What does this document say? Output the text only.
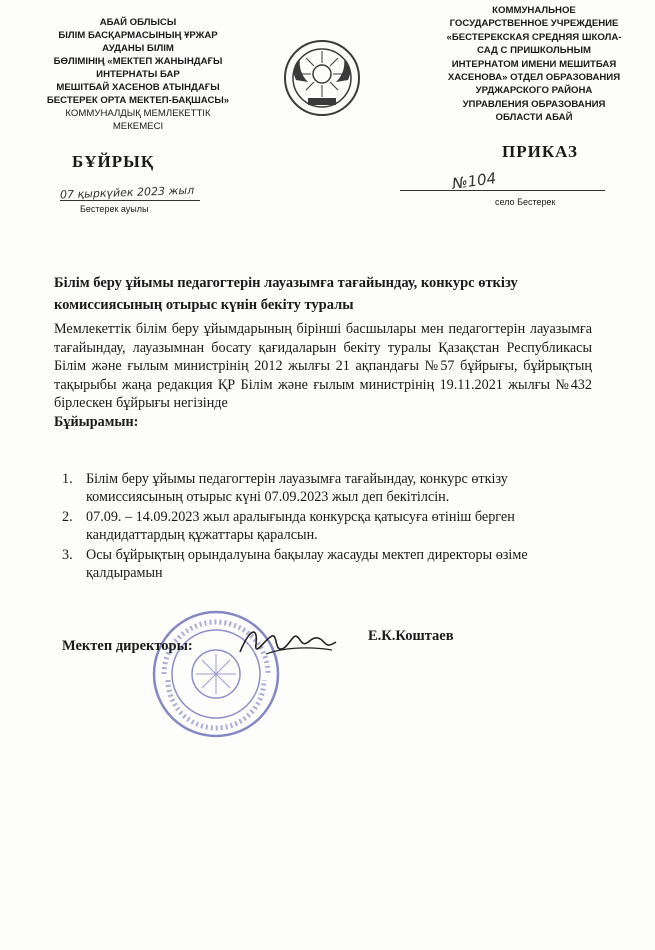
АБАЙ ОБЛЫСЫ
БІЛІМ БАСҚАРМАСЫНЫҢ ҰРЖАР
АУДАНЫ БІЛІМ
БӨЛІМІНІҢ «МЕКТЕП ЖАНЫНДАҒЫ
ИНТЕРНАТЫ БАР
МЕШІТБАЙ ХАСЕНОВ АТЫНДАҒЫ
БЕСТЕРЕК ОРТА МЕКТЕП-БАҚШАСЫ»
КОММУНАЛДЫҚ МЕМЛЕКЕТТІК
МЕКЕМЕСІ
КОММУНАЛЬНОЕ
ГОСУДАРСТВЕННОЕ УЧРЕЖДЕНИЕ
«БЕСТЕРЕКСКАЯ СРЕДНЯЯ ШКОЛА-
САД С ПРИШКОЛЬНЫМ
ИНТЕРНАТОМ ИМЕНИ МЕШИТБАЯ
ХАСЕНОВА» ОТДЕЛ ОБРАЗОВАНИЯ
УРДЖАРСКОГО РАЙОНА
УПРАВЛЕНИЯ ОБРАЗОВАНИЯ
ОБЛАСТИ АБАЙ
БҰЙРЫҚ
ПРИКАЗ
07 қыркүйек 2023 жыл
Бестерек ауылы
№104
село Бестерек
Білім беру ұйымы педагогтерін лауазымға тағайындау, конкурс өткізу комиссиясының отырыс күнін бекіту туралы
Мемлекеттік білім беру ұйымдарының бірінші басшылары мен педагогтерін лауазымға тағайындау, лауазымнан босату қағидаларын бекіту туралы Қазақстан Республикасы Білім және ғылым министрінің 2012 жылғы 21 ақпандағы №57 бұйрығы, бұйрықтың тақырыбы жаңа редакция ҚР Білім және ғылым министрінің 19.11.2021 жылғы №432 бірлескен бұйрығы негізінде
Бұйырамын:
1. Білім беру ұйымы педагогтерін лауазымға тағайындау, конкурс өткізу комиссиясының отырыс күні 07.09.2023 жыл деп бекітілсін.
2. 07.09. – 14.09.2023 жыл аралығында конкурсқа қатысуға өтініш берген кандидаттардың құжаттары қаралсын.
3. Осы бұйрықтың орындалуына бақылау жасауды мектеп директоры өзіме қалдырамын
Мектеп директоры:
Е.К.Коштаев
